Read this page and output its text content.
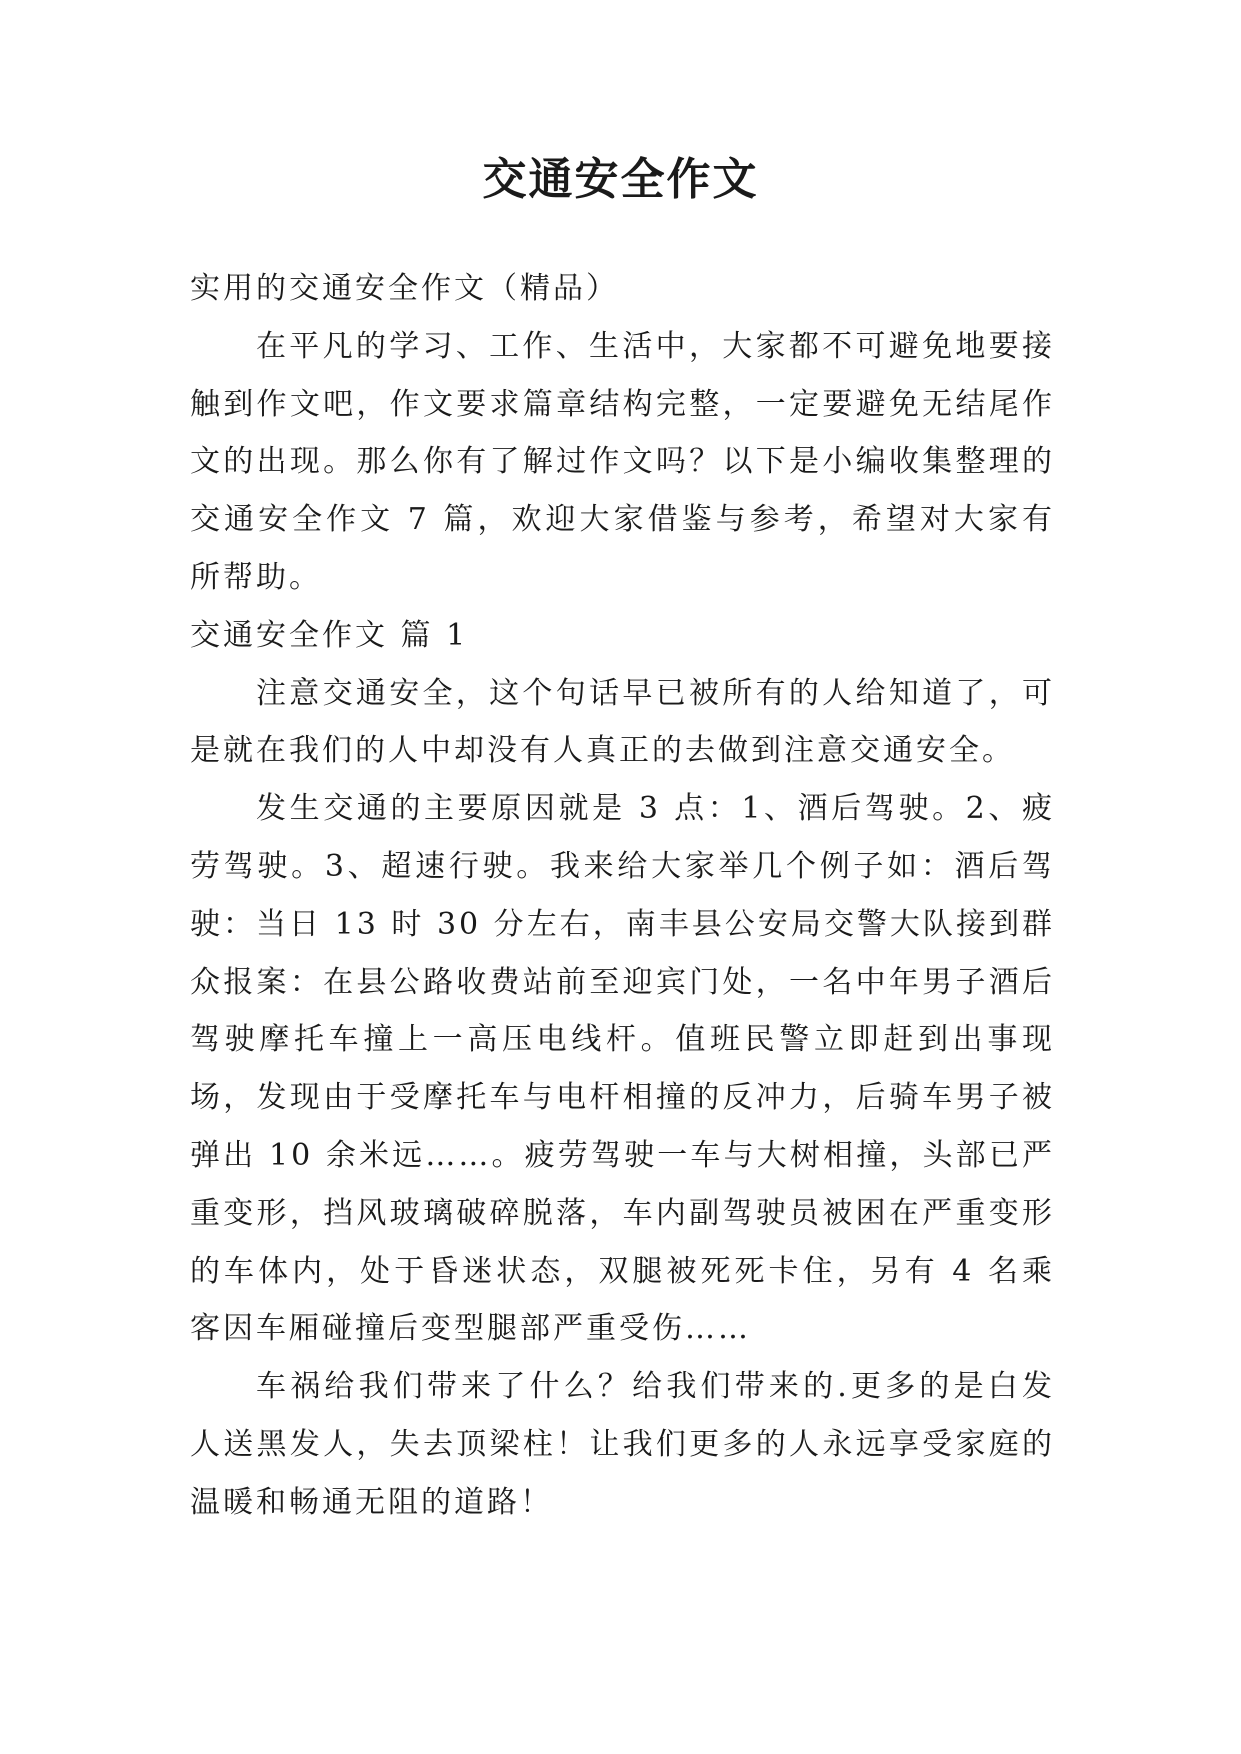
交通安全作文

实用的交通安全作文（精品）

在平凡的学习、工作、生活中，大家都不可避免地要接触到作文吧，作文要求篇章结构完整，一定要避免无结尾作文的出现。那么你有了解过作文吗？以下是小编收集整理的交通安全作文 7 篇，欢迎大家借鉴与参考，希望对大家有所帮助。

交通安全作文 篇 1

注意交通安全，这个句话早已被所有的人给知道了，可是就在我们的人中却没有人真正的去做到注意交通安全。

发生交通的主要原因就是 3 点：1、酒后驾驶。2、疲劳驾驶。3、超速行驶。我来给大家举几个例子如：酒后驾驶：当日 13 时 30 分左右，南丰县公安局交警大队接到群众报案：在县公路收费站前至迎宾门处，一名中年男子酒后驾驶摩托车撞上一高压电线杆。值班民警立即赶到出事现场，发现由于受摩托车与电杆相撞的反冲力，后骑车男子被弹出 10 余米远……。疲劳驾驶一车与大树相撞，头部已严重变形，挡风玻璃破碎脱落，车内副驾驶员被困在严重变形的车体内，处于昏迷状态，双腿被死死卡住，另有 4 名乘客因车厢碰撞后变型腿部严重受伤……

车祸给我们带来了什么？给我们带来的.更多的是白发人送黑发人，失去顶梁柱！让我们更多的人永远享受家庭的温暖和畅通无阻的道路！
